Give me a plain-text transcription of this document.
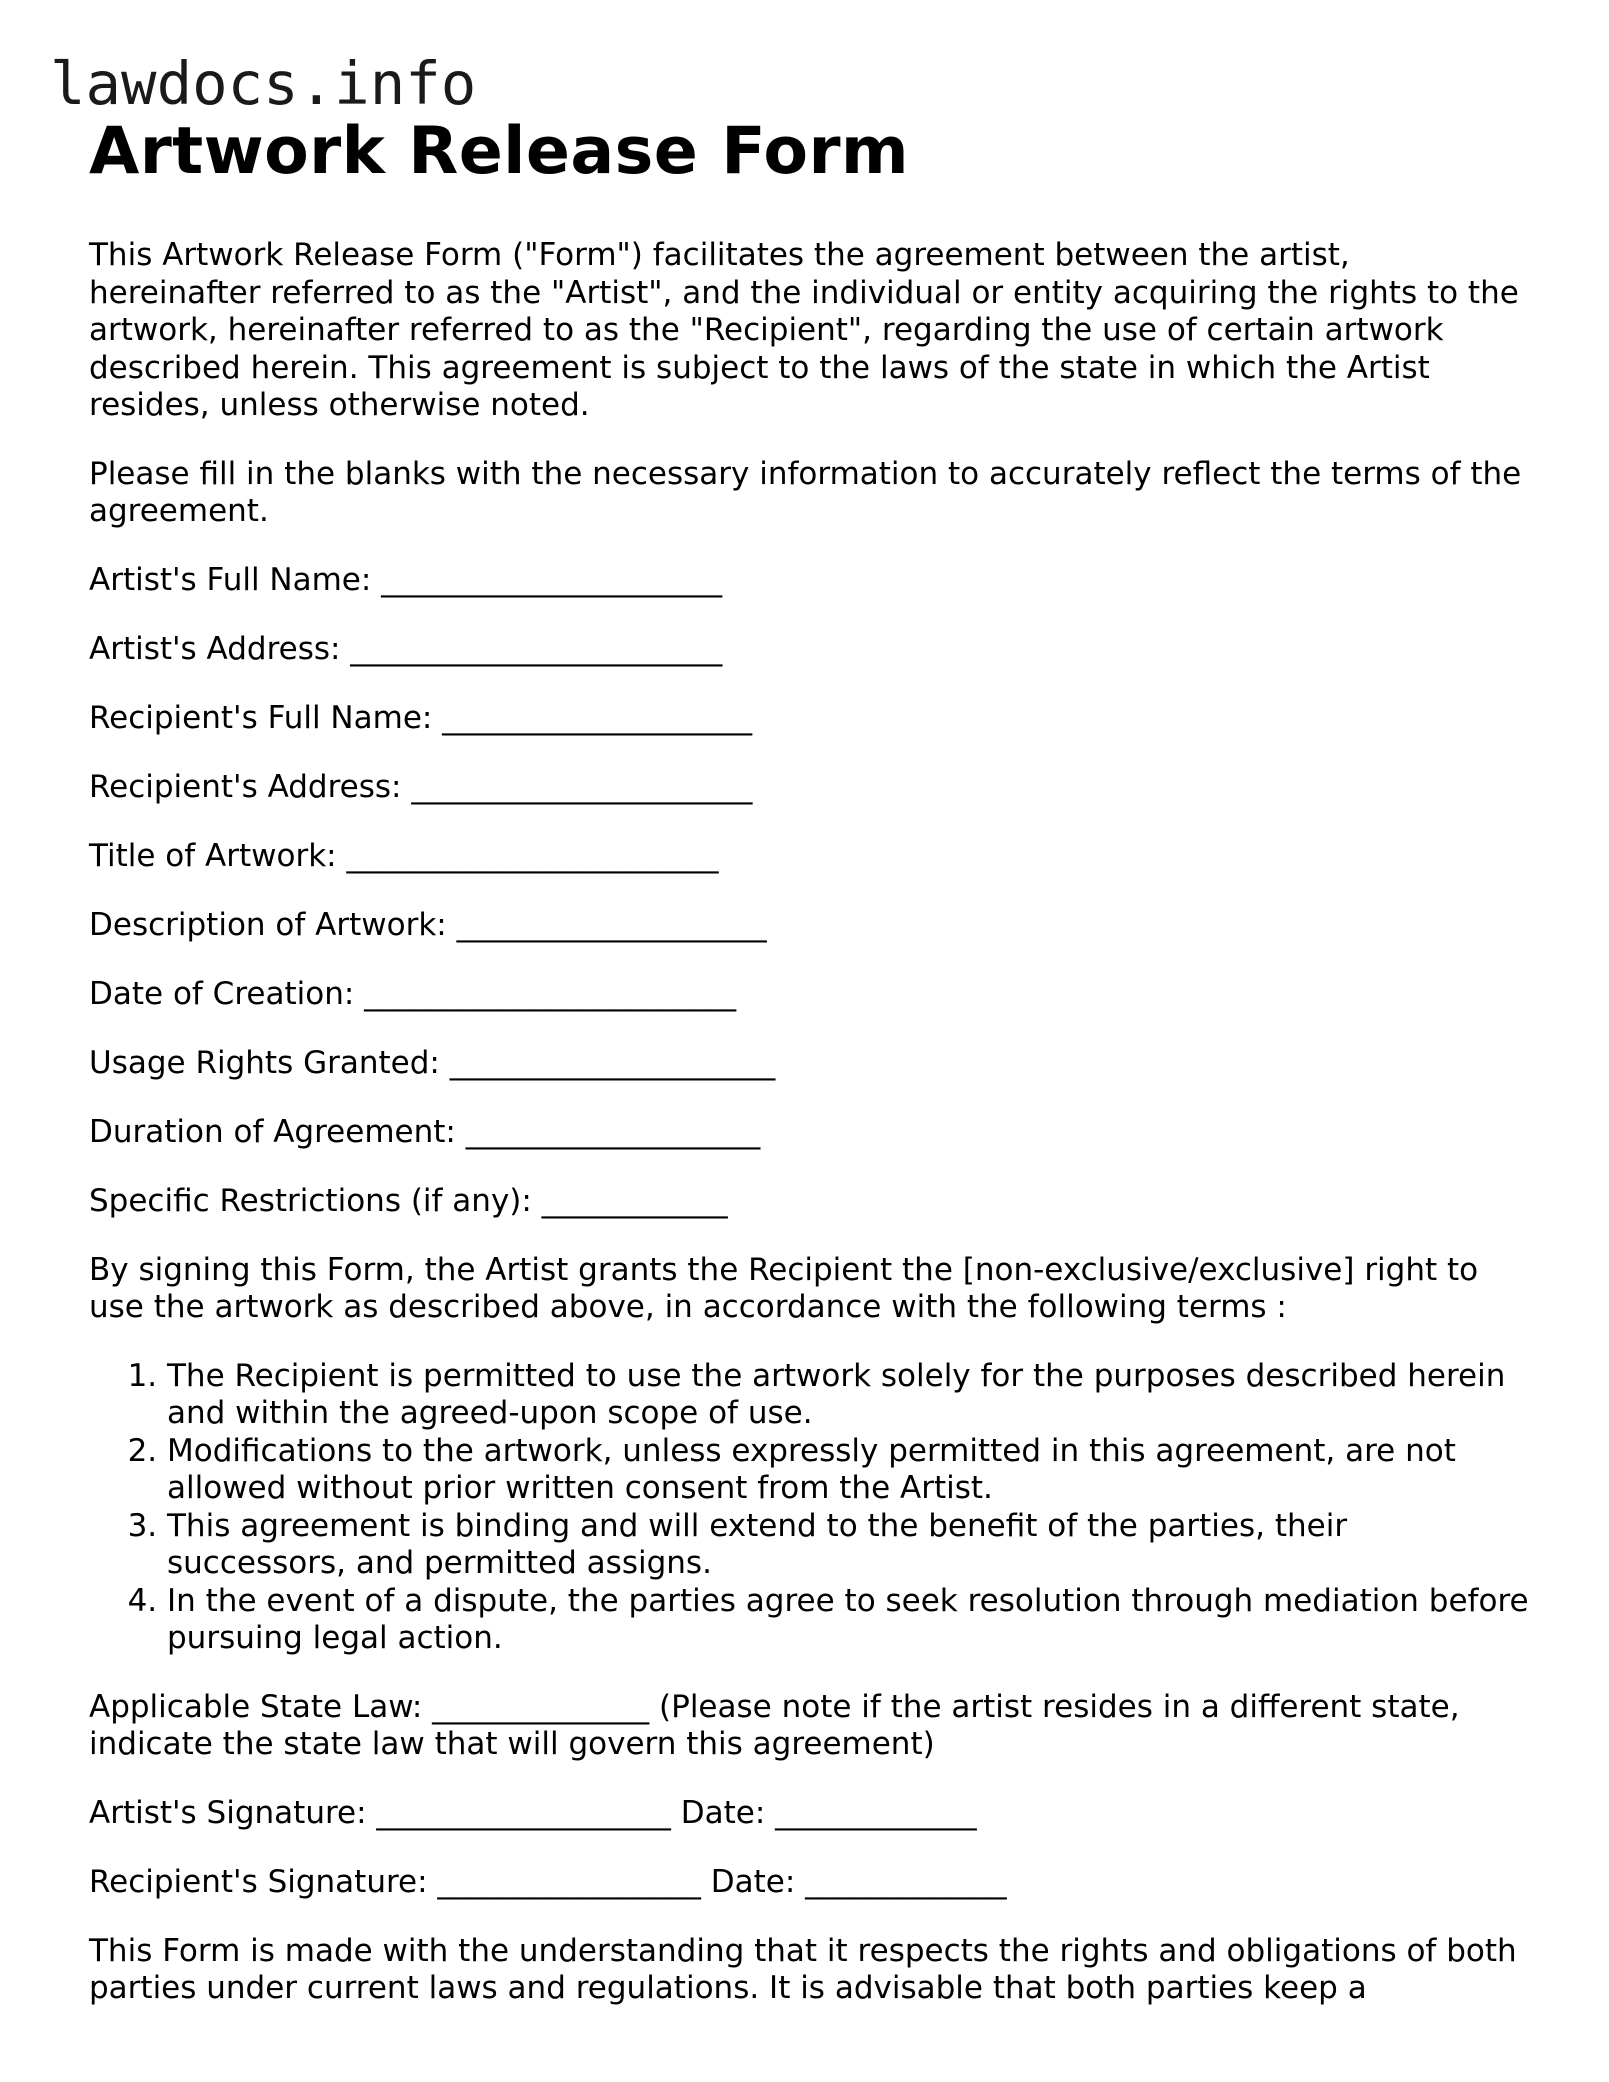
lawdocs.info
Artwork Release Form

This Artwork Release Form ("Form") facilitates the agreement between the artist, hereinafter referred to as the "Artist", and the individual or entity acquiring the rights to the artwork, hereinafter referred to as the "Recipient", regarding the use of certain artwork described herein. This agreement is subject to the laws of the state in which the Artist resides, unless otherwise noted.

Please fill in the blanks with the necessary information to accurately reflect the terms of the agreement.

Artist's Full Name: ______________________

Artist's Address: ________________________

Recipient's Full Name: ____________________

Recipient's Address: ______________________

Title of Artwork: ________________________

Description of Artwork: ____________________

Date of Creation: ________________________

Usage Rights Granted: _____________________

Duration of Agreement: ___________________

Specific Restrictions (if any): ____________

By signing this Form, the Artist grants the Recipient the [non-exclusive/exclusive] right to use the artwork as described above, in accordance with the following terms :

1. The Recipient is permitted to use the artwork solely for the purposes described herein and within the agreed-upon scope of use.
2. Modifications to the artwork, unless expressly permitted in this agreement, are not allowed without prior written consent from the Artist.
3. This agreement is binding and will extend to the benefit of the parties, their successors, and permitted assigns.
4. In the event of a dispute, the parties agree to seek resolution through mediation before pursuing legal action.

Applicable State Law: ______________ (Please note if the artist resides in a different state, indicate the state law that will govern this agreement)

Artist's Signature: ___________________ Date: _____________

Recipient's Signature: _________________ Date: _____________

This Form is made with the understanding that it respects the rights and obligations of both parties under current laws and regulations. It is advisable that both parties keep a
